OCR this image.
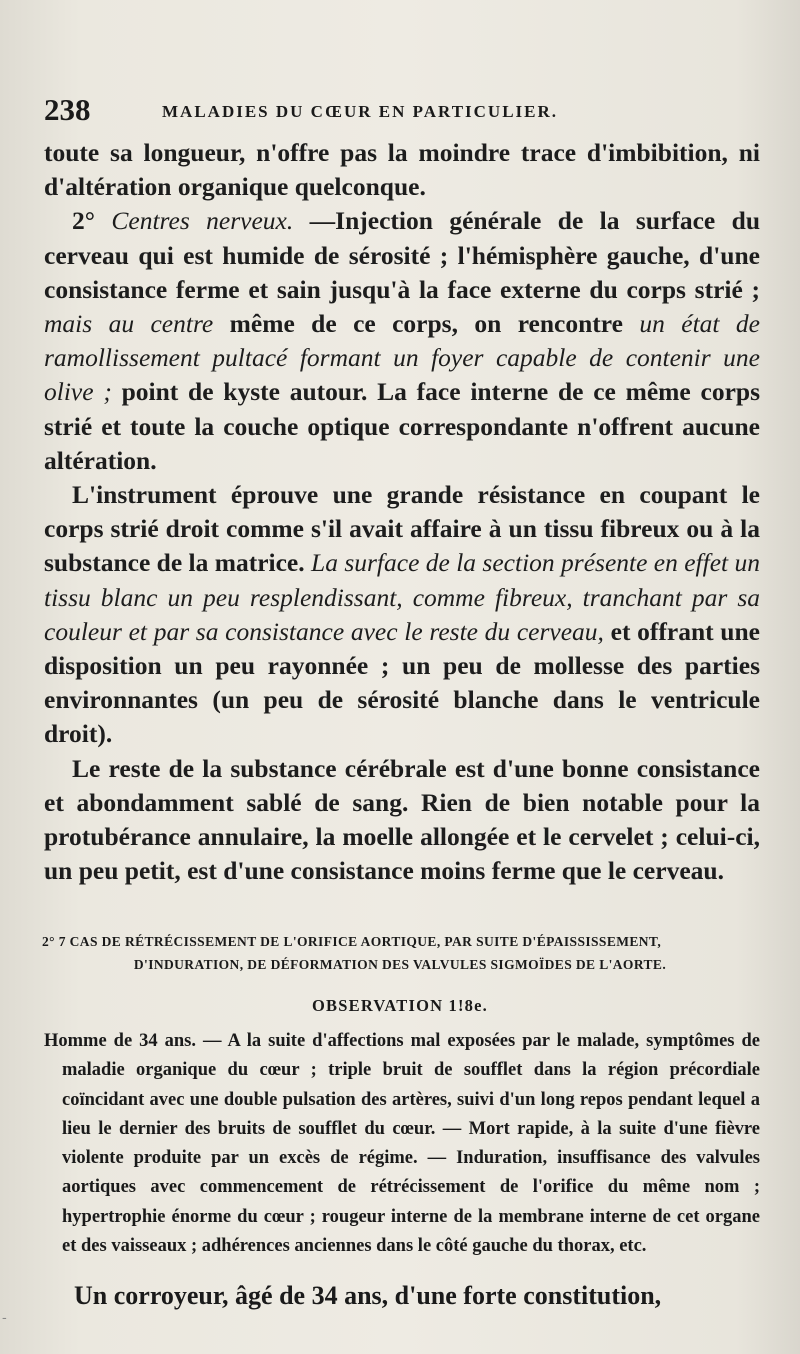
238	MALADIES DU CŒUR EN PARTICULIER.

toute sa longueur, n'offre pas la moindre trace d'imbibition, ni d'altération organique quelconque.

2° Centres nerveux. —Injection générale de la surface du cerveau qui est humide de sérosité ; l'hémisphère gauche, d'une consistance ferme et sain jusqu'à la face externe du corps strié ; mais au centre même de ce corps, on rencontre un état de ramollissement pultacé formant un foyer capable de contenir une olive ; point de kyste autour. La face interne de ce même corps strié et toute la couche optique correspondante n'offrent aucune altération.

L'instrument éprouve une grande résistance en coupant le corps strié droit comme s'il avait affaire à un tissu fibreux ou à la substance de la matrice. La surface de la section présente en effet un tissu blanc un peu resplendissant, comme fibreux, tranchant par sa couleur et par sa consistance avec le reste du cerveau, et offrant une disposition un peu rayonnée ; un peu de mollesse des parties environnantes (un peu de sérosité blanche dans le ventricule droit).

Le reste de la substance cérébrale est d'une bonne consistance et abondamment sablé de sang. Rien de bien notable pour la protubérance annulaire, la moelle allongée et le cervelet ; celui-ci, un peu petit, est d'une consistance moins ferme que le cerveau.

2° 7 CAS DE RÉTRÉCISSEMENT DE L'ORIFICE AORTIQUE, PAR SUITE D'ÉPAISSISSEMENT,
D'INDURATION, DE DÉFORMATION DES VALVULES SIGMOÏDES DE L'AORTE.
OBSERVATION 1!8e.

Homme de 34 ans. — A la suite d'affections mal exposées par le malade, symptômes de maladie organique du cœur ; triple bruit de soufflet dans la région précordiale coïncidant avec une double pulsation des artères, suivi d'un long repos pendant lequel a lieu le dernier des bruits de soufflet du cœur. — Mort rapide, à la suite d'une fièvre violente produite par un excès de régime. — Induration, insuffisance des valvules aortiques avec commencement de rétrécissement de l'orifice du même nom ; hypertrophie énorme du cœur ; rougeur interne de la membrane interne de cet organe et des vaisseaux ; adhérences anciennes dans le côté gauche du thorax, etc.

Un corroyeur, âgé de 34 ans, d'une forte constitution,
-
